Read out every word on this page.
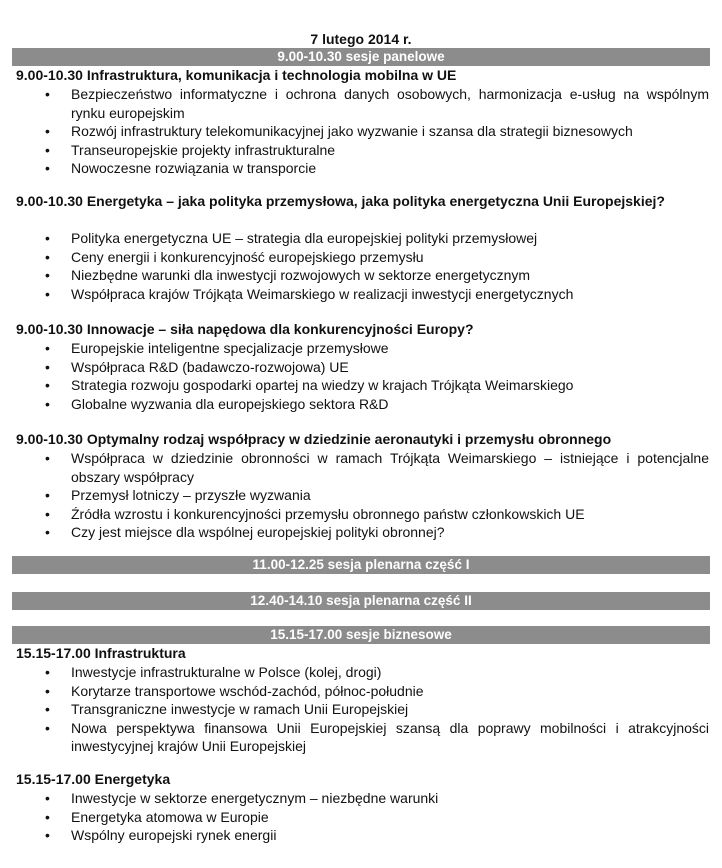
7 lutego 2014 r.
9.00-10.30 sesje panelowe
9.00-10.30 Infrastruktura, komunikacja i technologia mobilna w UE
• Bezpieczeństwo informatyczne i ochrona danych osobowych, harmonizacja e-usług na wspólnym rynku europejskim
• Rozwój infrastruktury telekomunikacyjnej jako wyzwanie i szansa dla strategii biznesowych
• Transeuropejskie projekty infrastrukturalne
• Nowoczesne rozwiązania w transporcie
9.00-10.30 Energetyka – jaka polityka przemysłowa, jaka polityka energetyczna Unii Europejskiej?
• Polityka energetyczna UE – strategia dla europejskiej polityki przemysłowej
• Ceny energii i konkurencyjność europejskiego przemysłu
• Niezbędne warunki dla inwestycji rozwojowych w sektorze energetycznym
• Współpraca krajów Trójkąta Weimarskiego w realizacji inwestycji energetycznych
9.00-10.30 Innowacje – siła napędowa dla konkurencyjności Europy?
• Europejskie inteligentne specjalizacje przemysłowe
• Współpraca R&D (badawczo-rozwojowa) UE
• Strategia rozwoju gospodarki opartej na wiedzy w krajach Trójkąta Weimarskiego
• Globalne wyzwania dla europejskiego sektora R&D
9.00-10.30 Optymalny rodzaj współpracy w dziedzinie aeronautyki i przemysłu obronnego
• Współpraca w dziedzinie obronności w ramach Trójkąta Weimarskiego – istniejące i potencjalne obszary współpracy
• Przemysł lotniczy – przyszłe wyzwania
• Źródła wzrostu i konkurencyjności przemysłu obronnego państw członkowskich UE
• Czy jest miejsce dla wspólnej europejskiej polityki obronnej?
11.00-12.25 sesja plenarna część I
12.40-14.10 sesja plenarna część II
15.15-17.00 sesje biznesowe
15.15-17.00 Infrastruktura
• Inwestycje infrastrukturalne w Polsce (kolej, drogi)
• Korytarze transportowe wschód-zachód, północ-południe
• Transgraniczne inwestycje w ramach Unii Europejskiej
• Nowa perspektywa finansowa Unii Europejskiej szansą dla poprawy mobilności i atrakcyjności inwestycyjnej krajów Unii Europejskiej
15.15-17.00 Energetyka
• Inwestycje w sektorze energetycznym – niezbędne warunki
• Energetyka atomowa w Europie
• Wspólny europejski rynek energii
